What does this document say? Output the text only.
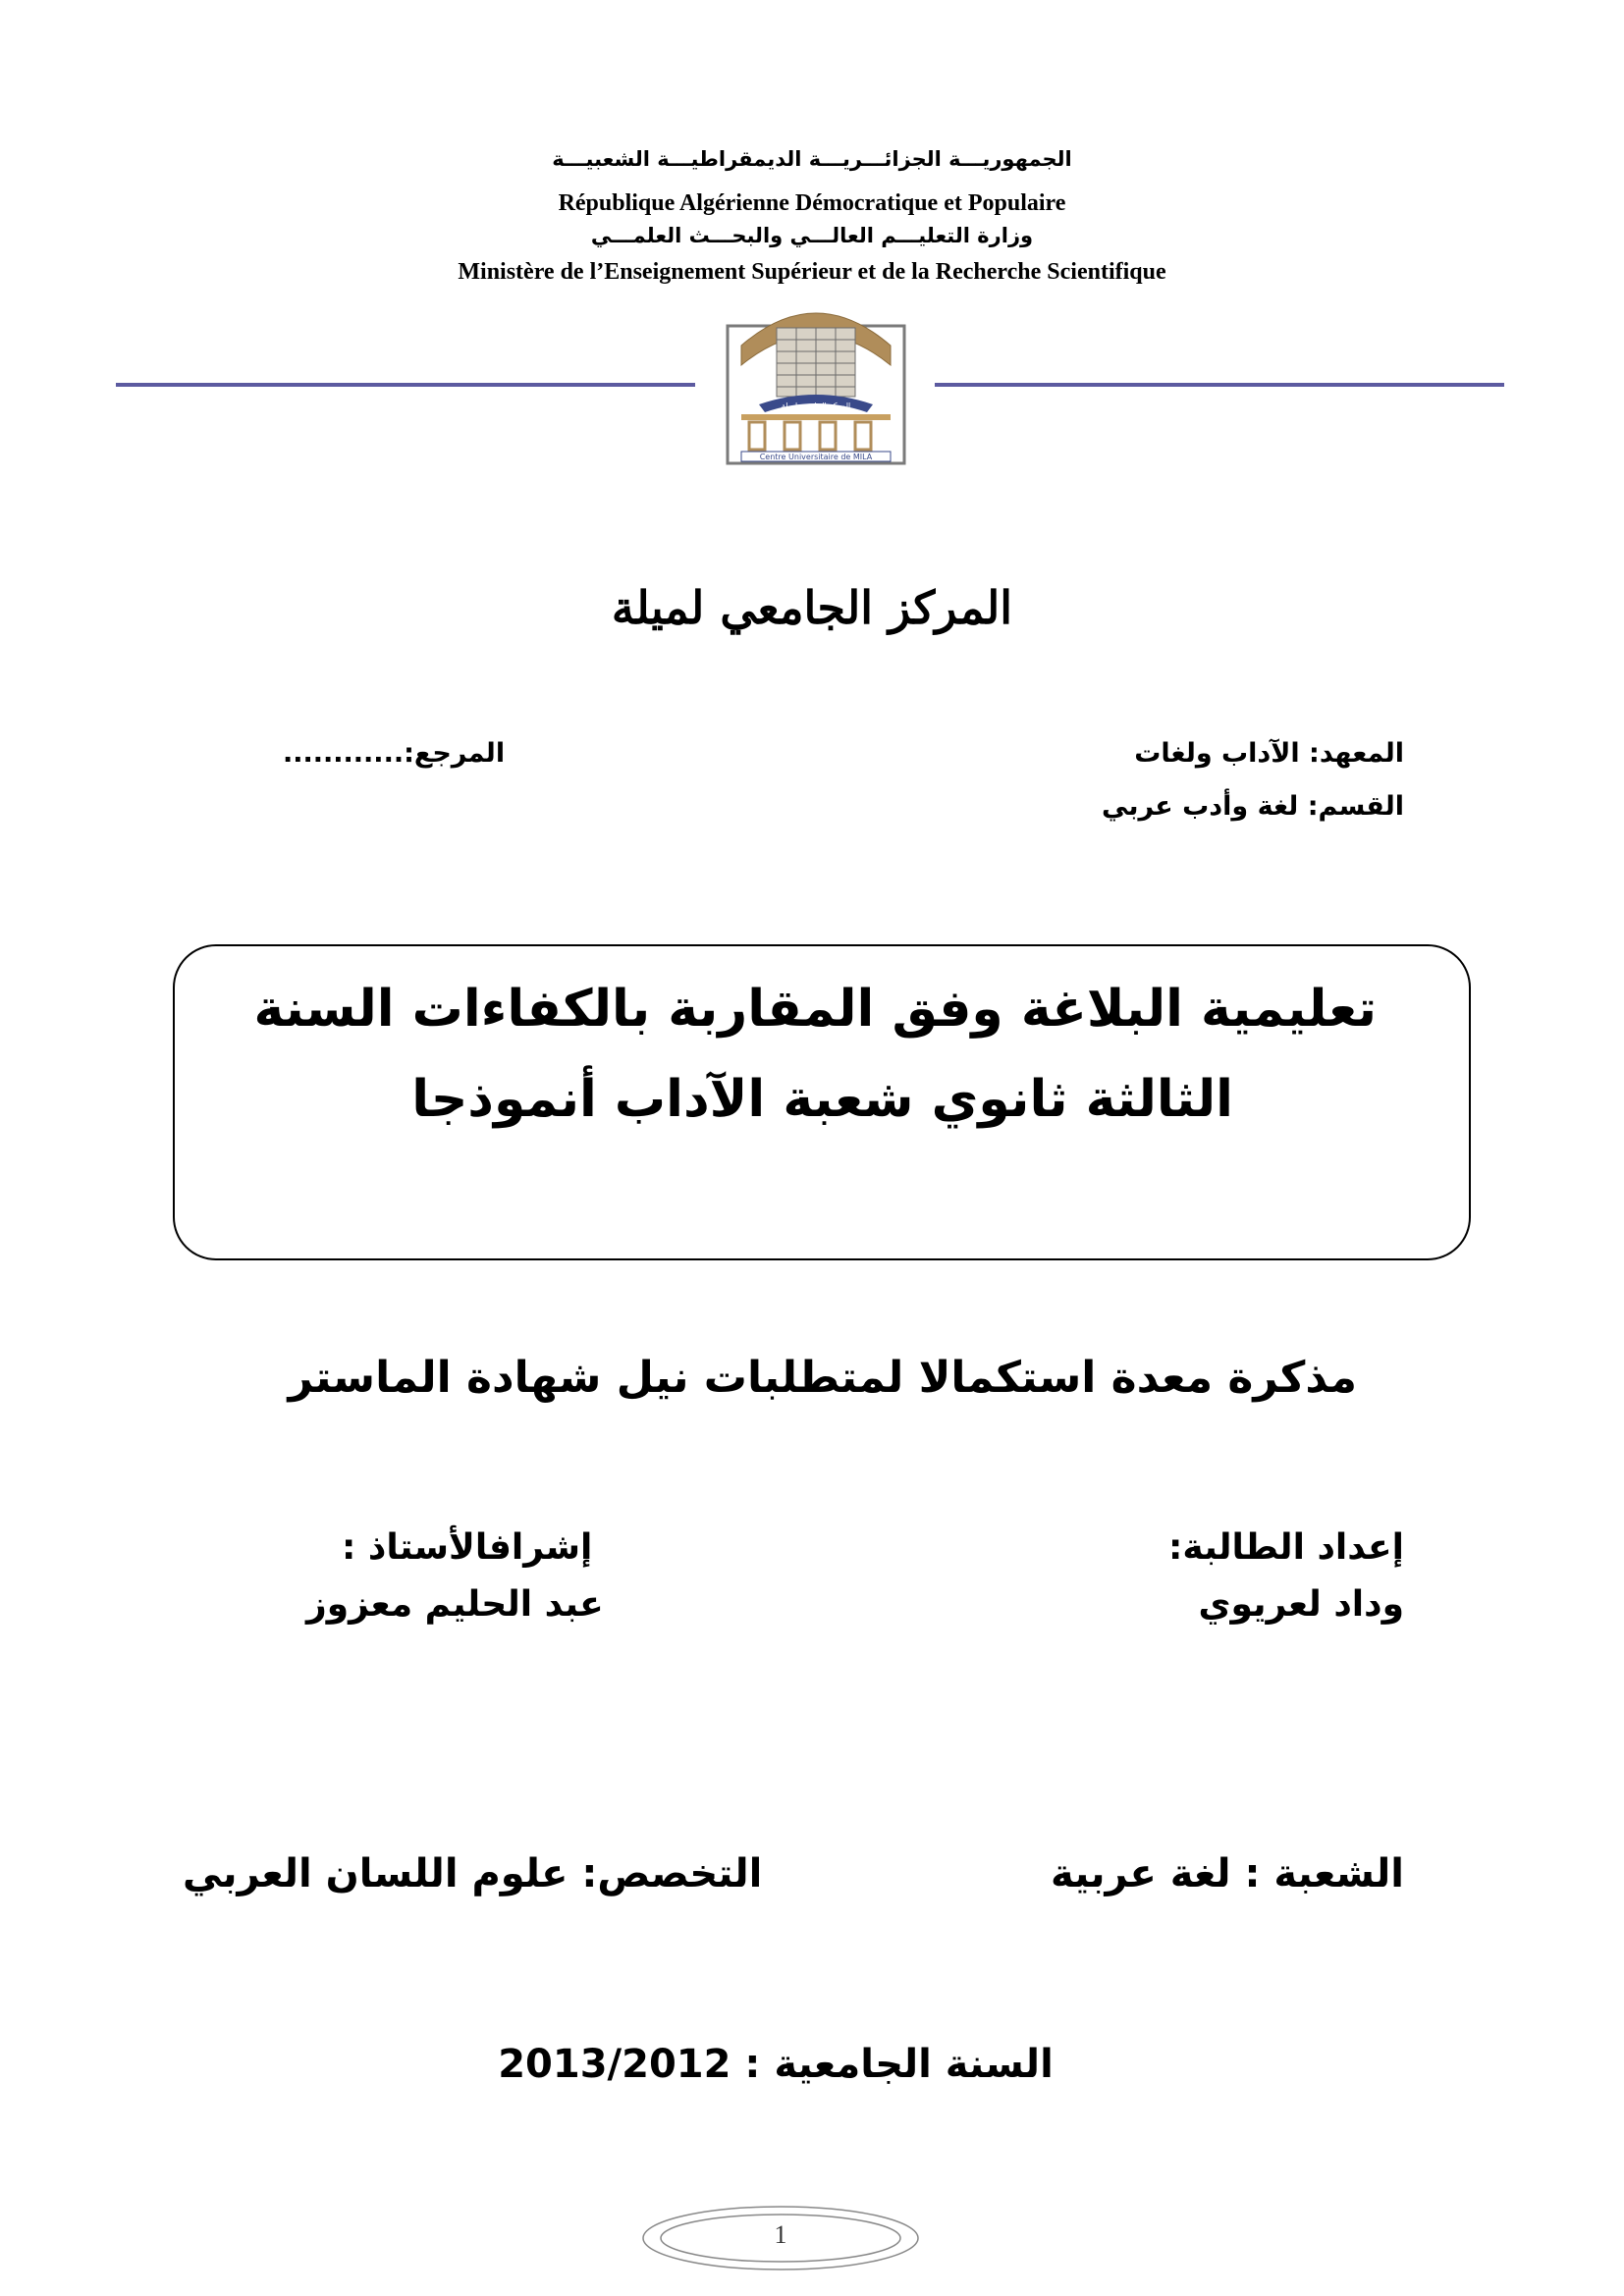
الجمهوريـــة الجزائـــريـــة الديمقراطيـــة الشعبيـــة
République Algérienne Démocratique et Populaire
وزارة التعليـــم العالـــي والبحـــث العلمـــي
Ministère de l’Enseignement Supérieur et de la Recherche Scientifique
المركز الجامعي لميلة
Centre Universitaire de MILA
المركز الجامعي لميلة
المعهد: الآداب ولغات
القسم: لغة وأدب عربي
المرجع:............
تعليمية البلاغة وفق المقاربة بالكفاءات السنة
الثالثة ثانوي شعبة الآداب أنموذجا
مذكرة معدة استكمالا لمتطلبات نيل شهادة الماستر
إعداد الطالبة:
وداد لعريوي
إشرافالأستاذ :
عبد الحليم معزوز
الشعبة : لغة عربية
التخصص: علوم اللسان العربي
السنة الجامعية : 2013/2012
1
